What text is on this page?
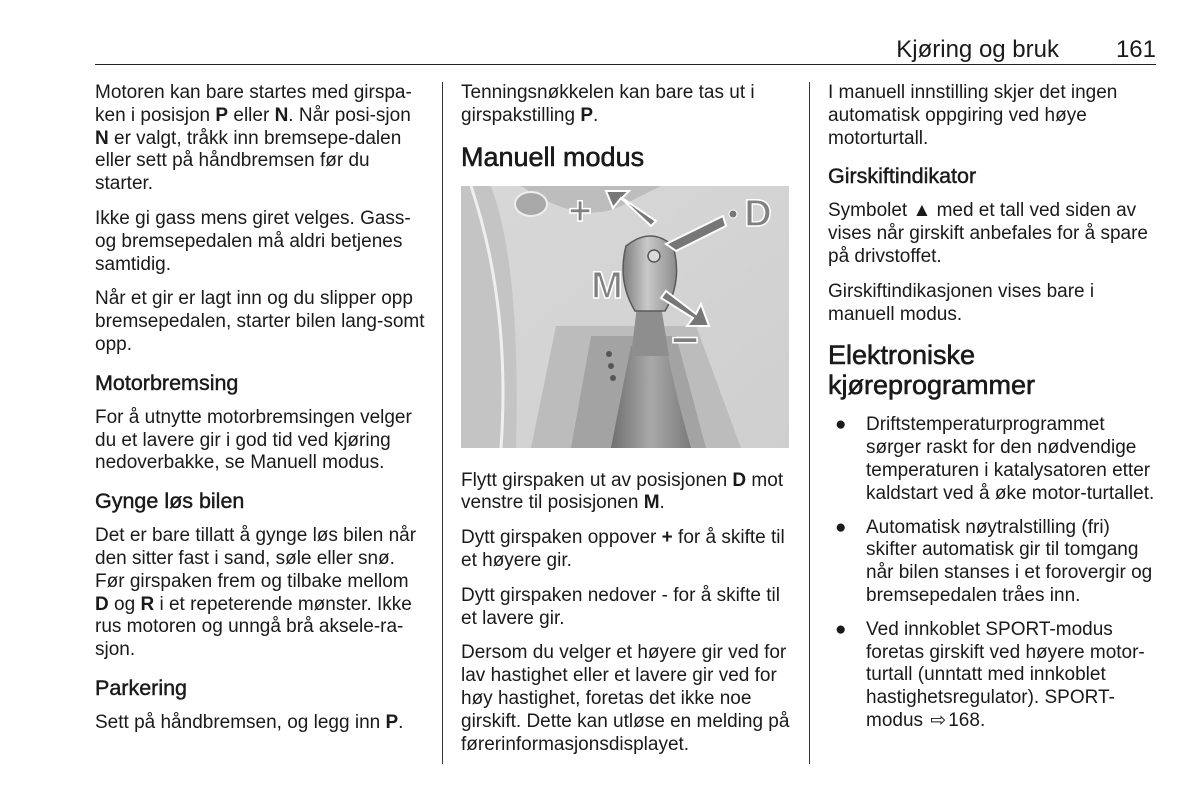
Kjøring og bruk 161

Motoren kan bare startes med girspa‐ken i posisjon P eller N. Når posi‐sjon N er valgt, tråkk inn bremsepe‐dalen eller sett på håndbremsen før du starter.

Ikke gi gass mens giret velges. Gass- og bremsepedalen må aldri betjenes samtidig.

Når et gir er lagt inn og du slipper opp bremsepedalen, starter bilen lang‐somt opp.

Motorbremsing

For å utnytte motorbremsingen velger du et lavere gir i god tid ved kjøring nedoverbakke, se Manuell modus.

Gynge løs bilen

Det er bare tillatt å gynge løs bilen når den sitter fast i sand, søle eller snø. Før girspaken frem og tilbake mellom D og R i et repeterende mønster. Ikke rus motoren og unngå brå aksele‐ra‐sjon.

Parkering

Sett på håndbremsen, og legg inn P.

Tenningsnøkkelen kan bare tas ut i girspakstilling P.

Manuell modus
+	D
M
−

Flytt girspaken ut av posisjonen D mot venstre til posisjonen M.

Dytt girspaken oppover + for å skifte til et høyere gir.

Dytt girspaken nedover - for å skifte til et lavere gir.

Dersom du velger et høyere gir ved for lav hastighet eller et lavere gir ved for høy hastighet, foretas det ikke noe girskift. Dette kan utløse en melding på førerinformasjonsdisplayet.

I manuell innstilling skjer det ingen automatisk oppgiring ved høye motorturtall.

Girskiftindikator

Symbolet ▲ med et tall ved siden av vises når girskift anbefales for å spare på drivstoffet.

Girskiftindikasjonen vises bare i manuell modus.

Elektroniske kjøreprogrammer
● Driftstemperaturprogrammet sørger raskt for den nødvendige temperaturen i katalysatoren etter kaldstart ved å øke motor‐turtallet.
● Automatisk nøytralstilling (fri) skifter automatisk gir til tomgang når bilen stanses i et forovergir og bremsepedalen tråes inn.
● Ved innkoblet SPORT-modus foretas girskift ved høyere motor‐turtall (unntatt med innkoblet hastighetsregulator). SPORT-modus ⇨ 168.
